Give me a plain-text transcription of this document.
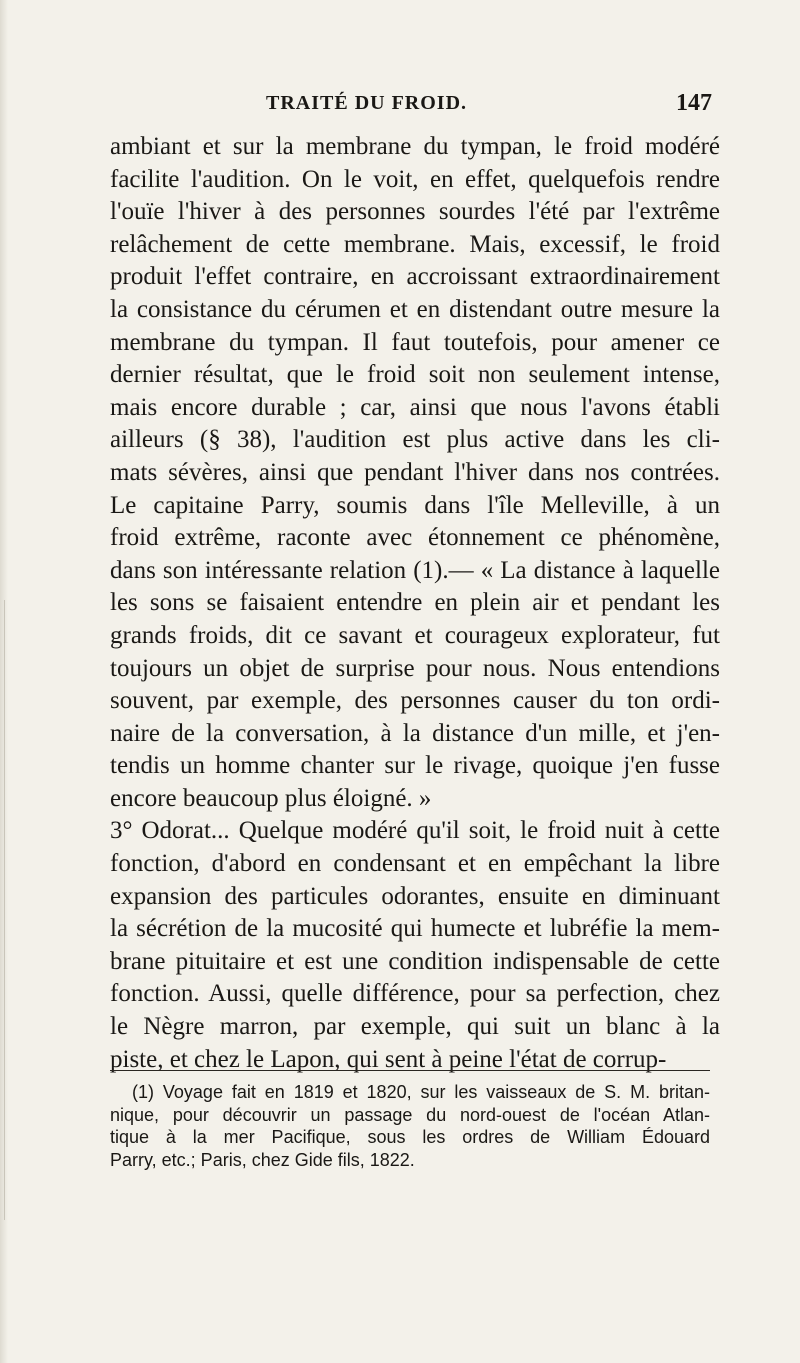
TRAITÉ DU FROID.	147
ambiant et sur la membrane du tympan, le froid modéré
facilite l'audition. On le voit, en effet, quelquefois rendre
l'ouïe l'hiver à des personnes sourdes l'été par l'extrême
relâchement de cette membrane. Mais, excessif, le froid
produit l'effet contraire, en accroissant extraordinairement
la consistance du cérumen et en distendant outre mesure la
membrane du tympan. Il faut toutefois, pour amener ce
dernier résultat, que le froid soit non seulement intense,
mais encore durable ; car, ainsi que nous l'avons établi
ailleurs (§ 38), l'audition est plus active dans les cli-
mats sévères, ainsi que pendant l'hiver dans nos contrées.
Le capitaine Parry, soumis dans l'île Melleville, à un
froid extrême, raconte avec étonnement ce phénomène,
dans son intéressante relation (1).— « La distance à laquelle
les sons se faisaient entendre en plein air et pendant les
grands froids, dit ce savant et courageux explorateur, fut
toujours un objet de surprise pour nous. Nous entendions
souvent, par exemple, des personnes causer du ton ordi-
naire de la conversation, à la distance d'un mille, et j'en-
tendis un homme chanter sur le rivage, quoique j'en fusse
encore beaucoup plus éloigné. »
3° Odorat... Quelque modéré qu'il soit, le froid nuit à cette
fonction, d'abord en condensant et en empêchant la libre
expansion des particules odorantes, ensuite en diminuant
la sécrétion de la mucosité qui humecte et lubréfie la mem-
brane pituitaire et est une condition indispensable de cette
fonction. Aussi, quelle différence, pour sa perfection, chez
le Nègre marron, par exemple, qui suit un blanc à la
piste, et chez le Lapon, qui sent à peine l'état de corrup-
(1) Voyage fait en 1819 et 1820, sur les vaisseaux de S. M. britan-
nique, pour découvrir un passage du nord-ouest de l'océan Atlan-
tique à la mer Pacifique, sous les ordres de William Édouard
Parry, etc.; Paris, chez Gide fils, 1822.
